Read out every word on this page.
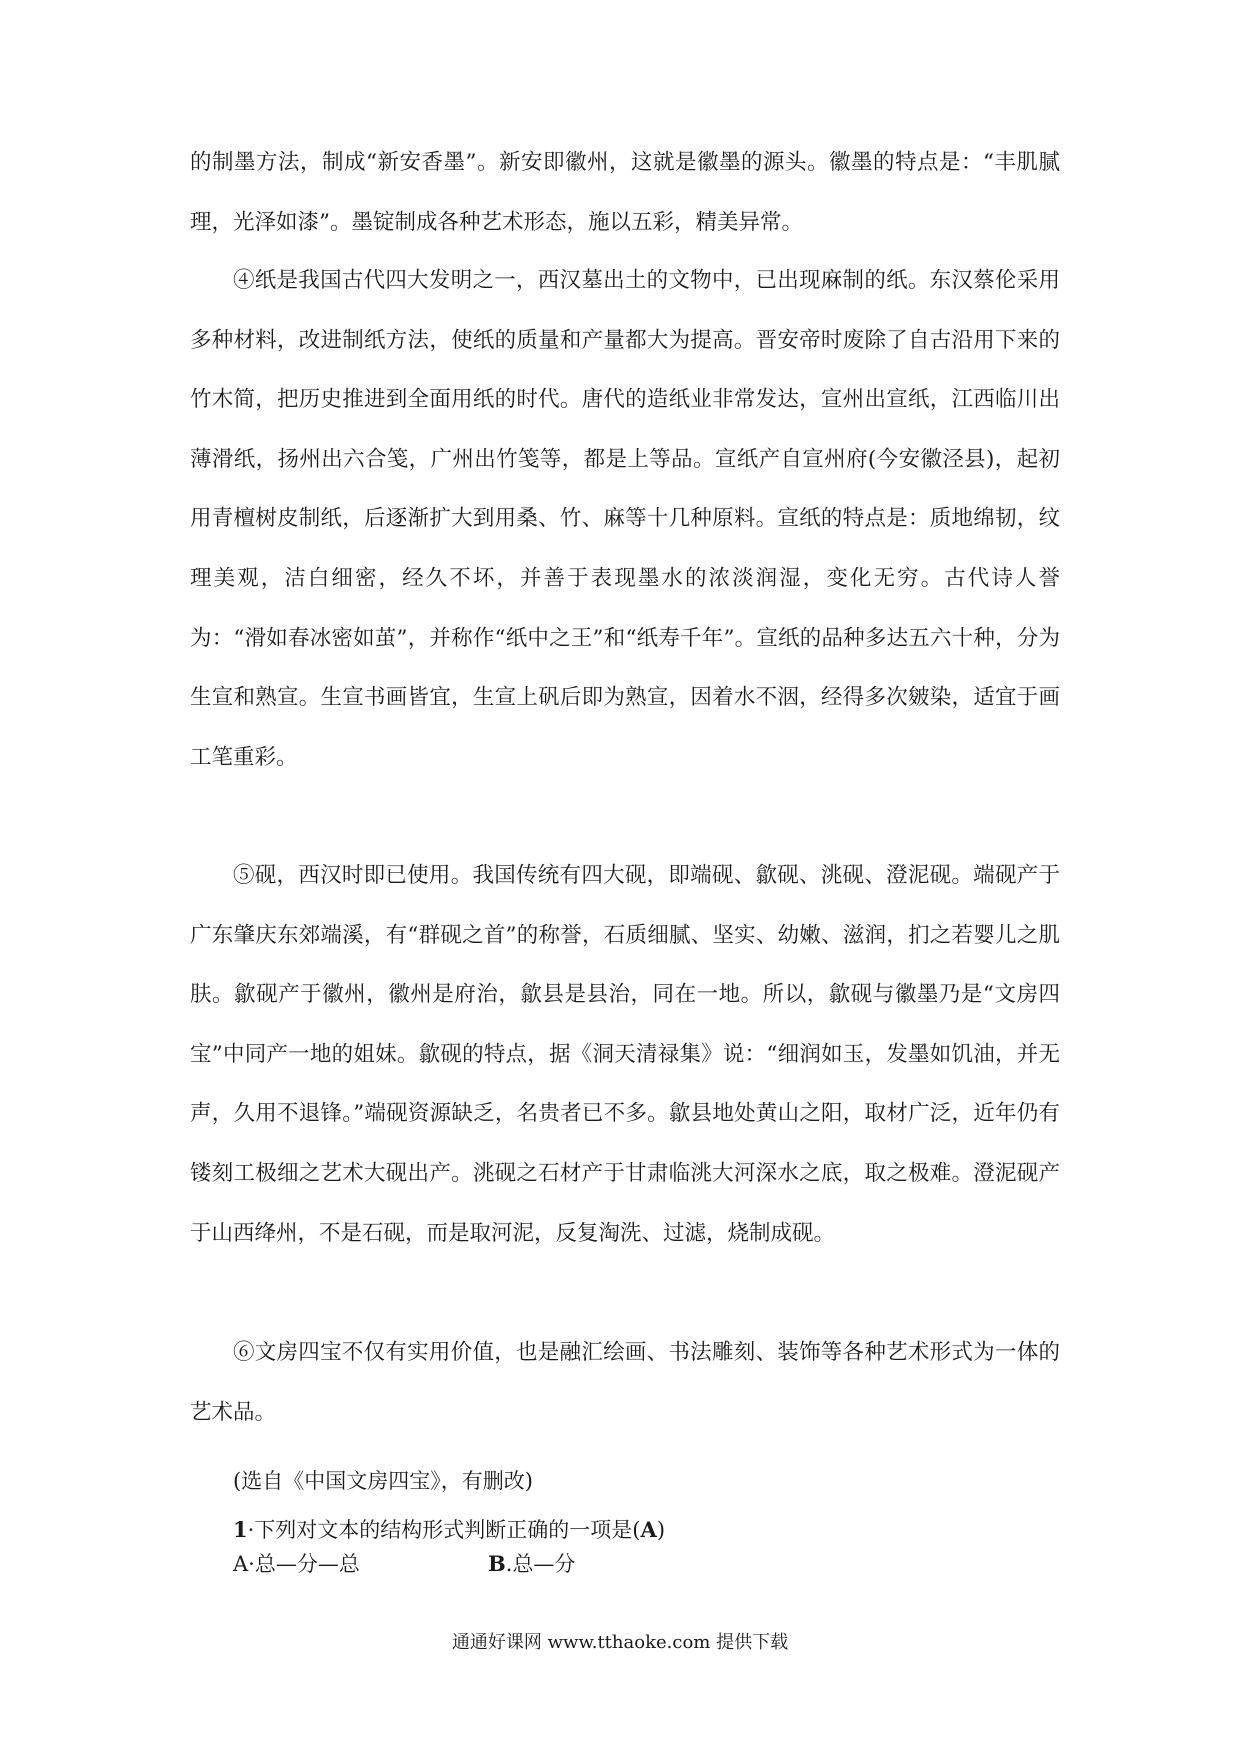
的制墨方法，制成“新安香墨”。新安即徽州，这就是徽墨的源头。徽墨的特点是：“丰肌腻理，光泽如漆”。墨锭制成各种艺术形态，施以五彩，精美异常。

④纸是我国古代四大发明之一，西汉墓出土的文物中，已出现麻制的纸。东汉蔡伦采用多种材料，改进制纸方法，使纸的质量和产量都大为提高。晋安帝时废除了自古沿用下来的竹木简，把历史推进到全面用纸的时代。唐代的造纸业非常发达，宣州出宣纸，江西临川出薄滑纸，扬州出六合笺，广州出竹笺等，都是上等品。宣纸产自宣州府(今安徽泾县)，起初用青檀树皮制纸，后逐渐扩大到用桑、竹、麻等十几种原料。宣纸的特点是：质地绵韧，纹理美观，洁白细密，经久不坏，并善于表现墨水的浓淡润湿，变化无穷。古代诗人誉为：“滑如春冰密如茧”，并称作“纸中之王”和“纸寿千年”。宣纸的品种多达五六十种，分为生宣和熟宣。生宣书画皆宜，生宣上矾后即为熟宣，因着水不洇，经得多次皴染，适宜于画工笔重彩。

⑤砚，西汉时即已使用。我国传统有四大砚，即端砚、歙砚、洮砚、澄泥砚。端砚产于广东肇庆东郊端溪，有“群砚之首”的称誉，石质细腻、坚实、幼嫩、滋润，扪之若婴儿之肌肤。歙砚产于徽州，徽州是府治，歙县是县治，同在一地。所以，歙砚与徽墨乃是“文房四宝”中同产一地的姐妹。歙砚的特点，据《洞天清禄集》说：“细润如玉，发墨如饥油，并无声，久用不退锋。”端砚资源缺乏，名贵者已不多。歙县地处黄山之阳，取材广泛，近年仍有镂刻工极细之艺术大砚出产。洮砚之石材产于甘肃临洮大河深水之底，取之极难。澄泥砚产于山西绛州，不是石砚，而是取河泥，反复淘洗、过滤，烧制成砚。

⑥文房四宝不仅有实用价值，也是融汇绘画、书法雕刻、装饰等各种艺术形式为一体的艺术品。

(选自《中国文房四宝》，有删改)

1·下列对文本的结构形式判断正确的一项是(A)

A·总—分—总	B.总—分

通通好课网 www.tthaoke.com 提供下载
